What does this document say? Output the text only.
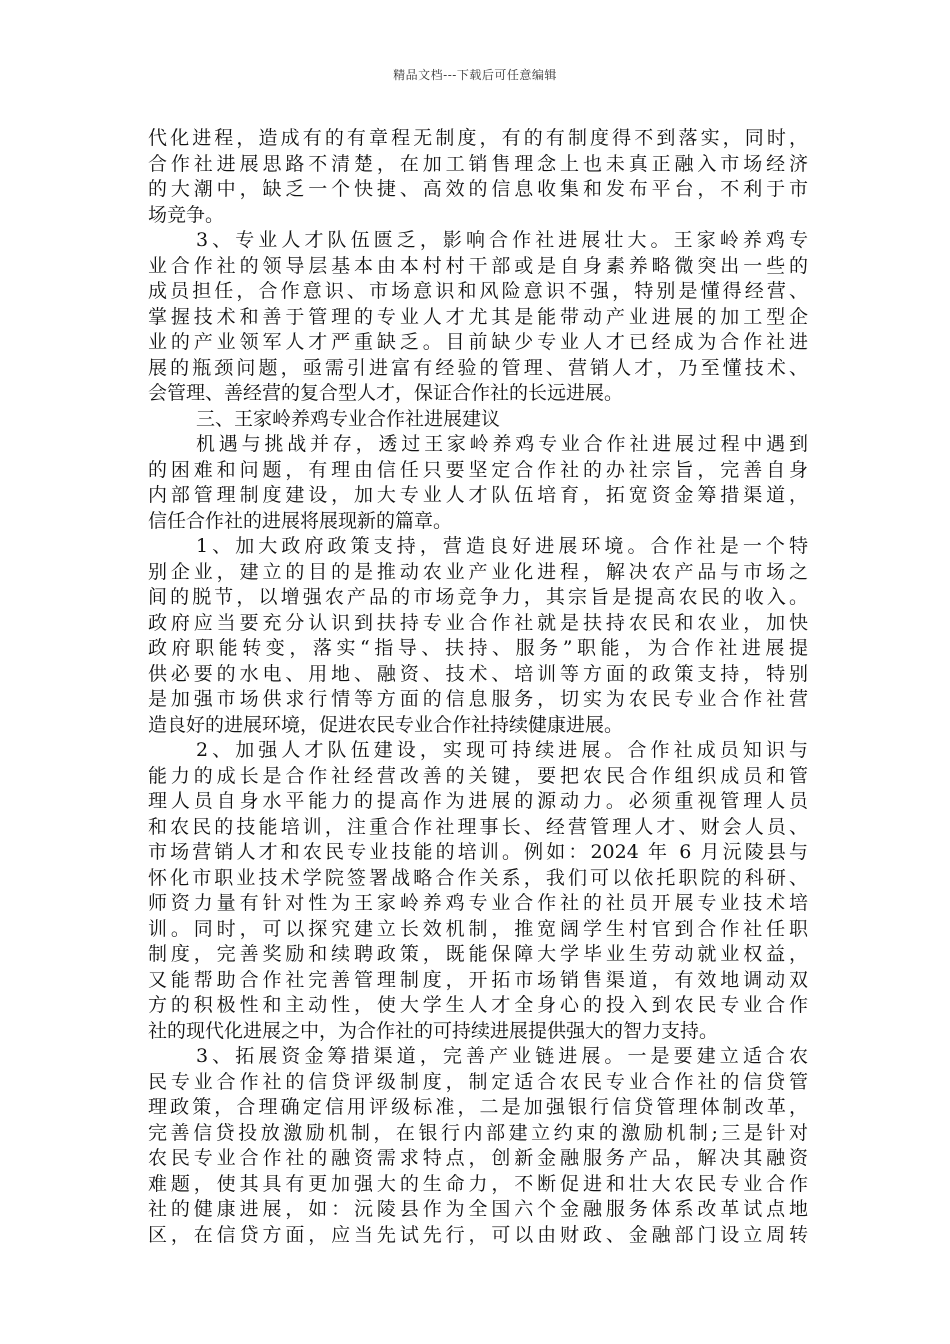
精品文档---下载后可任意编辑
代化进程，造成有的有章程无制度，有的有制度得不到落实，同时，
合作社进展思路不清楚，在加工销售理念上也未真正融入市场经济
的大潮中，缺乏一个快捷、高效的信息收集和发布平台，不利于市
场竞争。
3、专业人才队伍匮乏，影响合作社进展壮大。王家岭养鸡专
业合作社的领导层基本由本村村干部或是自身素养略微突出一些的
成员担任，合作意识、市场意识和风险意识不强，特别是懂得经营、
掌握技术和善于管理的专业人才尤其是能带动产业进展的加工型企
业的产业领军人才严重缺乏。目前缺少专业人才已经成为合作社进
展的瓶颈问题，亟需引进富有经验的管理、营销人才，乃至懂技术、
会管理、善经营的复合型人才，保证合作社的长远进展。
三、王家岭养鸡专业合作社进展建议
机遇与挑战并存，透过王家岭养鸡专业合作社进展过程中遇到
的困难和问题，有理由信任只要坚定合作社的办社宗旨，完善自身
内部管理制度建设，加大专业人才队伍培育，拓宽资金筹措渠道，
信任合作社的进展将展现新的篇章。
1、加大政府政策支持，营造良好进展环境。合作社是一个特
别企业，建立的目的是推动农业产业化进程，解决农产品与市场之
间的脱节，以增强农产品的市场竞争力，其宗旨是提高农民的收入。
政府应当要充分认识到扶持专业合作社就是扶持农民和农业，加快
政府职能转变，落实“指导、扶持、服务”职能，为合作社进展提
供必要的水电、用地、融资、技术、培训等方面的政策支持，特别
是加强市场供求行情等方面的信息服务，切实为农民专业合作社营
造良好的进展环境，促进农民专业合作社持续健康进展。
2、加强人才队伍建设，实现可持续进展。合作社成员知识与
能力的成长是合作社经营改善的关键，要把农民合作组织成员和管
理人员自身水平能力的提高作为进展的源动力。必须重视管理人员
和农民的技能培训，注重合作社理事长、经营管理人才、财会人员、
市场营销人才和农民专业技能的培训。例如：2024 年 6 月沅陵县与
怀化市职业技术学院签署战略合作关系，我们可以依托职院的科研、
师资力量有针对性为王家岭养鸡专业合作社的社员开展专业技术培
训。同时，可以探究建立长效机制，推宽阔学生村官到合作社任职
制度，完善奖励和续聘政策，既能保障大学毕业生劳动就业权益，
又能帮助合作社完善管理制度，开拓市场销售渠道，有效地调动双
方的积极性和主动性，使大学生人才全身心的投入到农民专业合作
社的现代化进展之中，为合作社的可持续进展提供强大的智力支持。
3、拓展资金筹措渠道，完善产业链进展。一是要建立适合农
民专业合作社的信贷评级制度，制定适合农民专业合作社的信贷管
理政策，合理确定信用评级标准，二是加强银行信贷管理体制改革，
完善信贷投放激励机制，在银行内部建立约束的激励机制;三是针对
农民专业合作社的融资需求特点，创新金融服务产品，解决其融资
难题，使其具有更加强大的生命力，不断促进和壮大农民专业合作
社的健康进展，如：沅陵县作为全国六个金融服务体系改革试点地
区，在信贷方面，应当先试先行，可以由财政、金融部门设立周转
